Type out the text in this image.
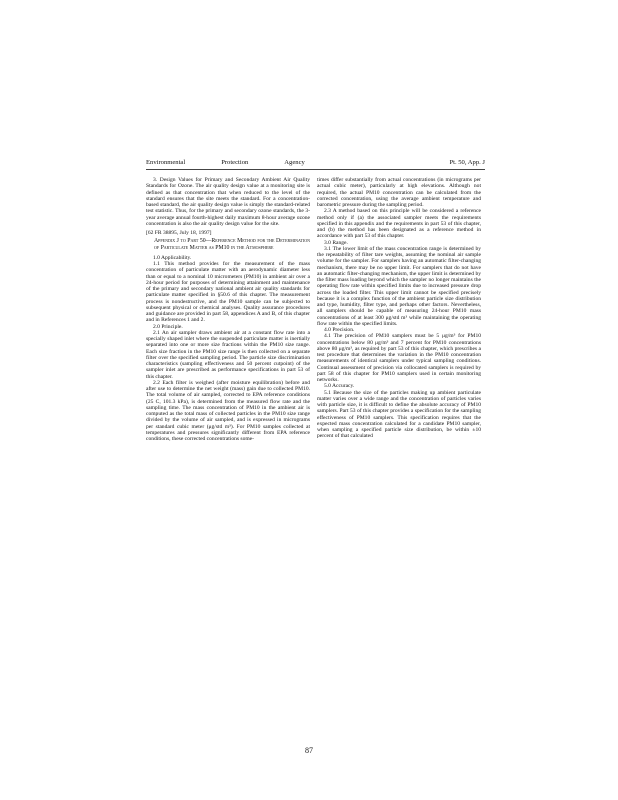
Environmental	Protection	Agency	Pt. 50, App. J

3. Design Values for Primary and Secondary Ambient Air Quality Standards for Ozone. The air quality design value at a monitoring site is defined as that concentration that when reduced to the level of the standard ensures that the site meets the standard. For a concentration-based standard, the air quality design value is simply the standard-related test statistic. Thus, for the primary and secondary ozone standards, the 3-year average annual fourth-highest daily maximum 8-hour average ozone concentration is also the air quality design value for the site.

[62 FR 38895, July 18, 1997]

Appendix J to Part 50—Reference Method for the Determination of Particulate Matter as PM10 in the Atmosphere

1.0 Applicability.

1.1 This method provides for the measurement of the mass concentration of particulate matter with an aerodynamic diameter less than or equal to a nominal 10 micrometers (PM10) in ambient air over a 24-hour period for purposes of determining attainment and maintenance of the primary and secondary national ambient air quality standards for particulate matter specified in §50.6 of this chapter. The measurement process is nondestructive, and the PM10 sample can be subjected to subsequent physical or chemical analyses. Quality assurance procedures and guidance are provided in part 58, appendices A and B, of this chapter and in References 1 and 2.

2.0 Principle.

2.1 An air sampler draws ambient air at a constant flow rate into a specially shaped inlet where the suspended particulate matter is inertially separated into one or more size fractions within the PM10 size range. Each size fraction in the PM10 size range is then collected on a separate filter over the specified sampling period. The particle size discrimination characteristics (sampling effectiveness and 50 percent cutpoint) of the sampler inlet are prescribed as performance specifications in part 53 of this chapter.

2.2 Each filter is weighed (after moisture equilibration) before and after use to determine the net weight (mass) gain due to collected PM10. The total volume of air sampled, corrected to EPA reference conditions (25 C, 101.3 kPa), is determined from the measured flow rate and the sampling time. The mass concentration of PM10 in the ambient air is computed as the total mass of collected particles in the PM10 size range divided by the volume of air sampled, and is expressed in micrograms per standard cubic meter (μg/std m³). For PM10 samples collected at temperatures and pressures significantly different from EPA reference conditions, these corrected concentrations some-

times differ substantially from actual concentrations (in micrograms per actual cubic meter), particularly at high elevations. Although not required, the actual PM10 concentration can be calculated from the corrected concentration, using the average ambient temperature and barometric pressure during the sampling period.

2.3 A method based on this principle will be considered a reference method only if (a) the associated sampler meets the requirements specified in this appendix and the requirements in part 53 of this chapter, and (b) the method has been designated as a reference method in accordance with part 53 of this chapter.

3.0 Range.

3.1 The lower limit of the mass concentration range is determined by the repeatability of filter tare weights, assuming the nominal air sample volume for the sampler. For samplers having an automatic filter-changing mechanism, there may be no upper limit. For samplers that do not have an automatic filter-changing mechanism, the upper limit is determined by the filter mass loading beyond which the sampler no longer maintains the operating flow rate within specified limits due to increased pressure drop across the loaded filter. This upper limit cannot be specified precisely because it is a complex function of the ambient particle size distribution and type, humidity, filter type, and perhaps other factors. Nevertheless, all samplers should be capable of measuring 24-hour PM10 mass concentrations of at least 300 μg/std m³ while maintaining the operating flow rate within the specified limits.

4.0 Precision.

4.1 The precision of PM10 samplers must be 5 μg/m³ for PM10 concentrations below 80 μg/m³ and 7 percent for PM10 concentrations above 80 μg/m³, as required by part 53 of this chapter, which prescribes a test procedure that determines the variation in the PM10 concentration measurements of identical samplers under typical sampling conditions. Continual assessment of precision via collocated samplers is required by part 58 of this chapter for PM10 samplers used in certain monitoring networks.

5.0 Accuracy.

5.1 Because the size of the particles making up ambient particulate matter varies over a wide range and the concentration of particles varies with particle size, it is difficult to define the absolute accuracy of PM10 samplers. Part 53 of this chapter provides a specification for the sampling effectiveness of PM10 samplers. This specification requires that the expected mass concentration calculated for a candidate PM10 sampler, when sampling a specified particle size distribution, be within ±10 percent of that calculated

87
